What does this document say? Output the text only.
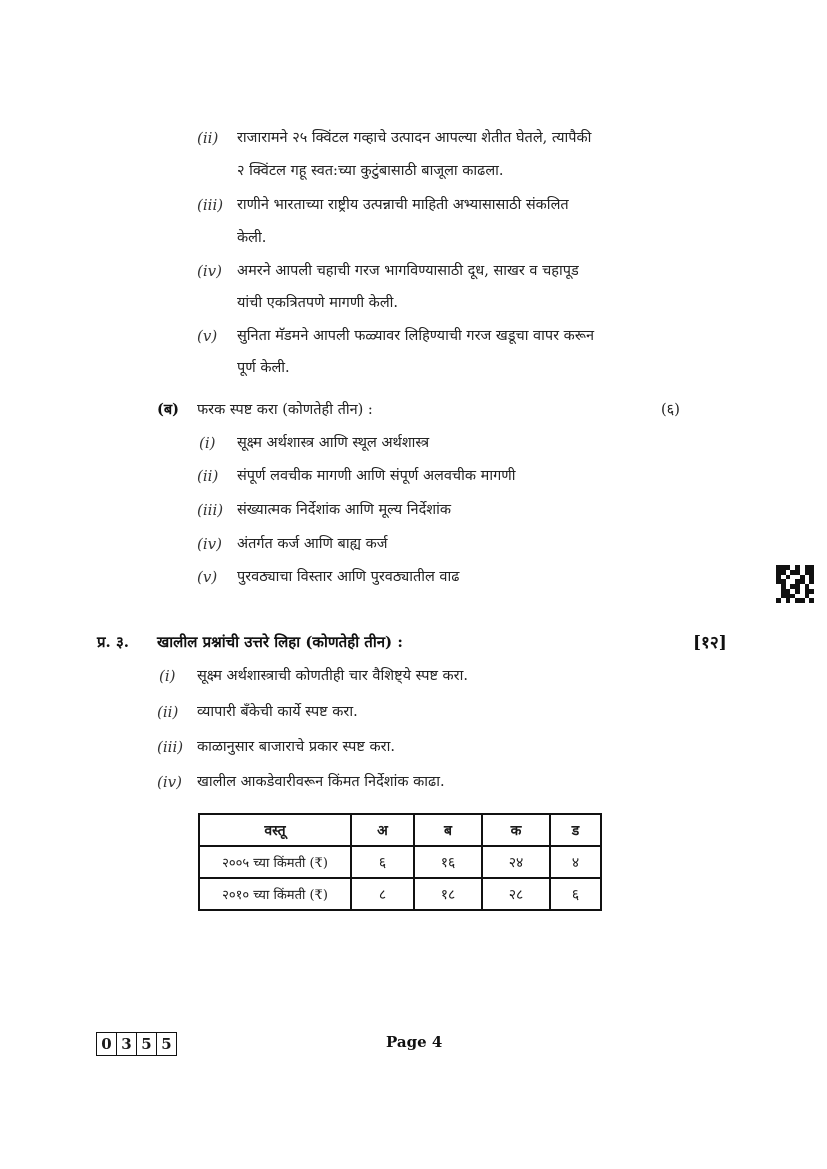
(ii) राजारामने २५ क्विंटल गव्हाचे उत्पादन आपल्या शेतीत घेतले, त्यापैकी
२ क्विंटल गहू स्वत:च्या कुटुंबासाठी बाजूला काढला.
(iii) राणीने भारताच्या राष्ट्रीय उत्पन्नाची माहिती अभ्यासासाठी संकलित
केली.
(iv) अमरने आपली चहाची गरज भागविण्यासाठी दूध, साखर व चहापूड
यांची एकत्रितपणे मागणी केली.
(v) सुनिता मॅडमने आपली फळ्यावर लिहिण्याची गरज खडूचा वापर करून
पूर्ण केली.
(ब) फरक स्पष्ट करा (कोणतेही तीन) :	(६)
(i) सूक्ष्म अर्थशास्त्र आणि स्थूल अर्थशास्त्र
(ii) संपूर्ण लवचीक मागणी आणि संपूर्ण अलवचीक मागणी
(iii) संख्यात्मक निर्देशांक आणि मूल्य निर्देशांक
(iv) अंतर्गत कर्ज आणि बाह्य कर्ज
(v) पुरवठ्याचा विस्तार आणि पुरवठ्यातील वाढ
प्र. ३. खालील प्रश्नांची उत्तरे लिहा (कोणतेही तीन) :	[१२]
(i) सूक्ष्म अर्थशास्त्राची कोणतीही चार वैशिष्ट्ये स्पष्ट करा.
(ii) व्यापारी बँकेची कार्ये स्पष्ट करा.
(iii) काळानुसार बाजाराचे प्रकार स्पष्ट करा.
(iv) खालील आकडेवारीवरून किंमत निर्देशांक काढा.
वस्तू	अ	ब	क	ड
२००५ च्या किंमती (₹)	६	१६	२४	४
२०१० च्या किंमती (₹)	८	१८	२८	६
0	3	5	5	Page 4
